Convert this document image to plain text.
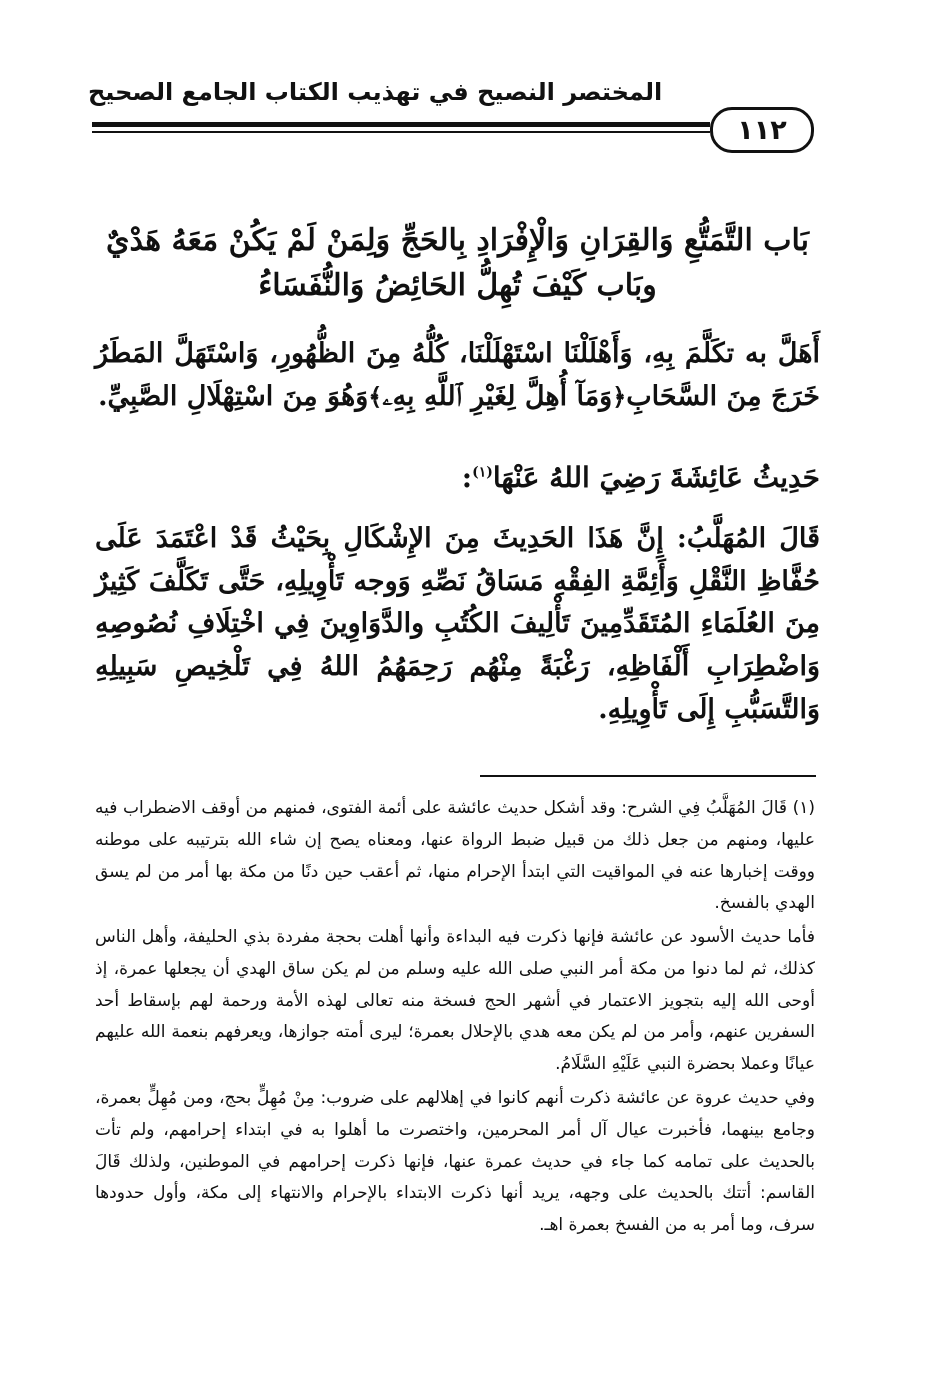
المختصر النصيح في تهذيب الكتاب الجامع الصحيح
١١٢
بَاب التَّمَتُّعِ وَالقِرَانِ وَالْإِفْرَادِ بِالحَجِّ وَلِمَنْ لَمْ يَكُنْ مَعَهُ هَدْيٌ وبَاب كَيْفَ تُهِلُّ الحَائِضُ وَالنُّفَسَاءُ
أَهَلَّ به تكَلَّمَ بِهِ، وَأَهْلَلْنَا اسْتَهْلَلْنَا، كُلُّهُ مِنَ الظُّهُورِ، وَاسْتَهَلَّ المَطَرُ خَرَجَ مِنَ السَّحَابِ﴿وَمَآ أُهِلَّ لِغَيْرِ ٱللَّهِ بِهِۦ﴾وَهُوَ مِنَ اسْتِهْلَالِ الصَّبِيِّ.
حَدِيثُ عَائِشَةَ رَضِيَ اللهُ عَنْهَا$^{(١)}$:
قَالَ المُهَلَّبُ: إِنَّ هَذَا الحَدِيثَ مِنَ الإِشْكَالِ بِحَيْثُ قَدْ اعْتَمَدَ عَلَى حُفَّاظِ النَّقْلِ وَأَئِمَّةِ الفِقْهِ مَسَاقُ نَصِّهِ وَوجه تَأْوِيلِهِ، حَتَّى تَكَلَّفَ كَثِيرٌ مِنَ العُلَمَاءِ المُتَقَدِّمِينَ تَأْلِيفَ الكُتُبِ والدَّوَاوِينَ فِي اخْتِلَافِ نُصُوصِهِ وَاضْطِرَابِ أَلْفَاظِهِ، رَغْبَةً مِنْهُم رَحِمَهُمُ اللهُ فِي تَلْخِيصِ سَبِيلِهِ وَالتَّسَبُّبِ إِلَى تَأْوِيلِهِ.

(١) قَالَ المُهَلَّبُ فِي الشرح: وقد أشكل حديث عائشة على أئمة الفتوى، فمنهم من أوقف الاضطراب فيه عليها، ومنهم من جعل ذلك من قبيل ضبط الرواة عنها، ومعناه يصح إن شاء الله بترتيبه على موطنه ووقت إخبارها عنه في المواقيت التي ابتدأ الإحرام منها، ثم أعقب حين دنًا من مكة بها أمر من لم يسق الهدي بالفسخ.

فأما حديث الأسود عن عائشة فإنها ذكرت فيه البداءة وأنها أهلت بحجة مفردة بذي الحليفة، وأهل الناس كذلك، ثم لما دنوا من مكة أمر النبي صلى الله عليه وسلم من لم يكن ساق الهدي أن يجعلها عمرة، إذ أوحى الله إليه بتجويز الاعتمار في أشهر الحج فسخة منه تعالى لهذه الأمة ورحمة لهم بإسقاط أحد السفرين عنهم، وأمر من لم يكن معه هدي بالإحلال بعمرة؛ ليرى أمته جوازها، ويعرفهم بنعمة الله عليهم عيانًا وعملا بحضرة النبي عَلَيْهِ السَّلَامُ.

وفي حديث عروة عن عائشة ذكرت أنهم كانوا في إهلالهم على ضروب: مِنْ مُهِلٍّ بحج، ومن مُهِلٍّ بعمرة، وجامع بينهما، فأخبرت عيال آل أمر المحرمين، واختصرت ما أهلوا به في ابتداء إحرامهم، ولم تأت بالحديث على تمامه كما جاء في حديث عمرة عنها، فإنها ذكرت إحرامهم في الموطنين، ولذلك قَالَ القاسم: أتتك بالحديث على وجهه، يريد أنها ذكرت الابتداء بالإحرام والانتهاء إلى مكة، وأول حدودها سرف، وما أمر به من الفسخ بعمرة اهـ.
